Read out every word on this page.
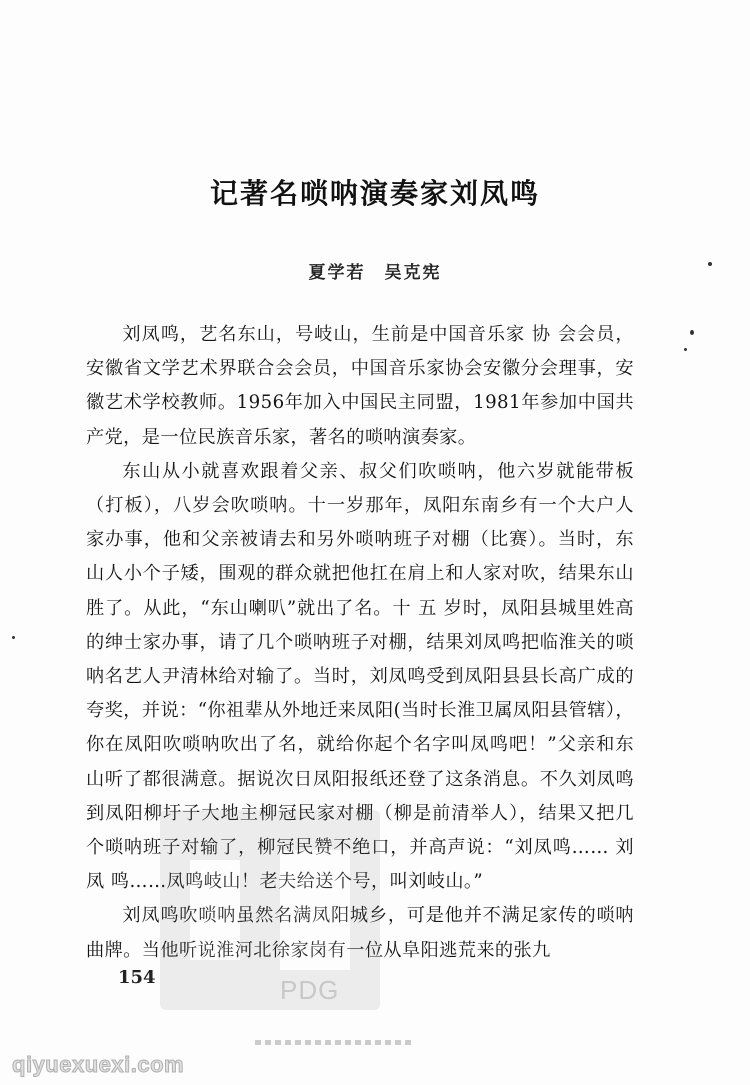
记著名唢呐演奏家刘凤鸣
夏学若　吴克宪

刘凤鸣，艺名东山，号岐山，生前是中国音乐家 协 会会员，安徽省文学艺术界联合会会员，中国音乐家协会安徽分会理事，安徽艺术学校教师。1956年加入中国民主同盟，1981年参加中国共产党，是一位民族音乐家，著名的唢呐演奏家。

东山从小就喜欢跟着父亲、叔父们吹唢呐，他六岁就能带板（打板），八岁会吹唢呐。十一岁那年，凤阳东南乡有一个大户人家办事，他和父亲被请去和另外唢呐班子对棚（比赛）。当时，东山人小个子矮，围观的群众就把他扛在肩上和人家对吹，结果东山胜了。从此，“东山喇叭”就出了名。十 五 岁时，凤阳县城里姓高的绅士家办事，请了几个唢呐班子对棚，结果刘凤鸣把临淮关的唢呐名艺人尹清林给对输了。当时，刘凤鸣受到凤阳县县长高广成的夸奖，并说：“你祖辈从外地迁来凤阳(当时长淮卫属凤阳县管辖），你在凤阳吹唢呐吹出了名，就给你起个名字叫凤鸣吧！”父亲和东山听了都很满意。据说次日凤阳报纸还登了这条消息。不久刘凤鸣到凤阳柳圩子大地主柳冠民家对棚（柳是前清举人），结果又把几个唢呐班子对输了，柳冠民赞不绝口，并高声说：“刘凤鸣…… 刘 凤 鸣……凤鸣岐山！老夫给送个号，叫刘岐山。”

刘凤鸣吹唢呐虽然名满凤阳城乡，可是他并不满足家传的唢呐曲牌。当他听说淮河北徐家岗有一位从阜阳逃荒来的张九

PDG
154
qiyuexuexi.com
